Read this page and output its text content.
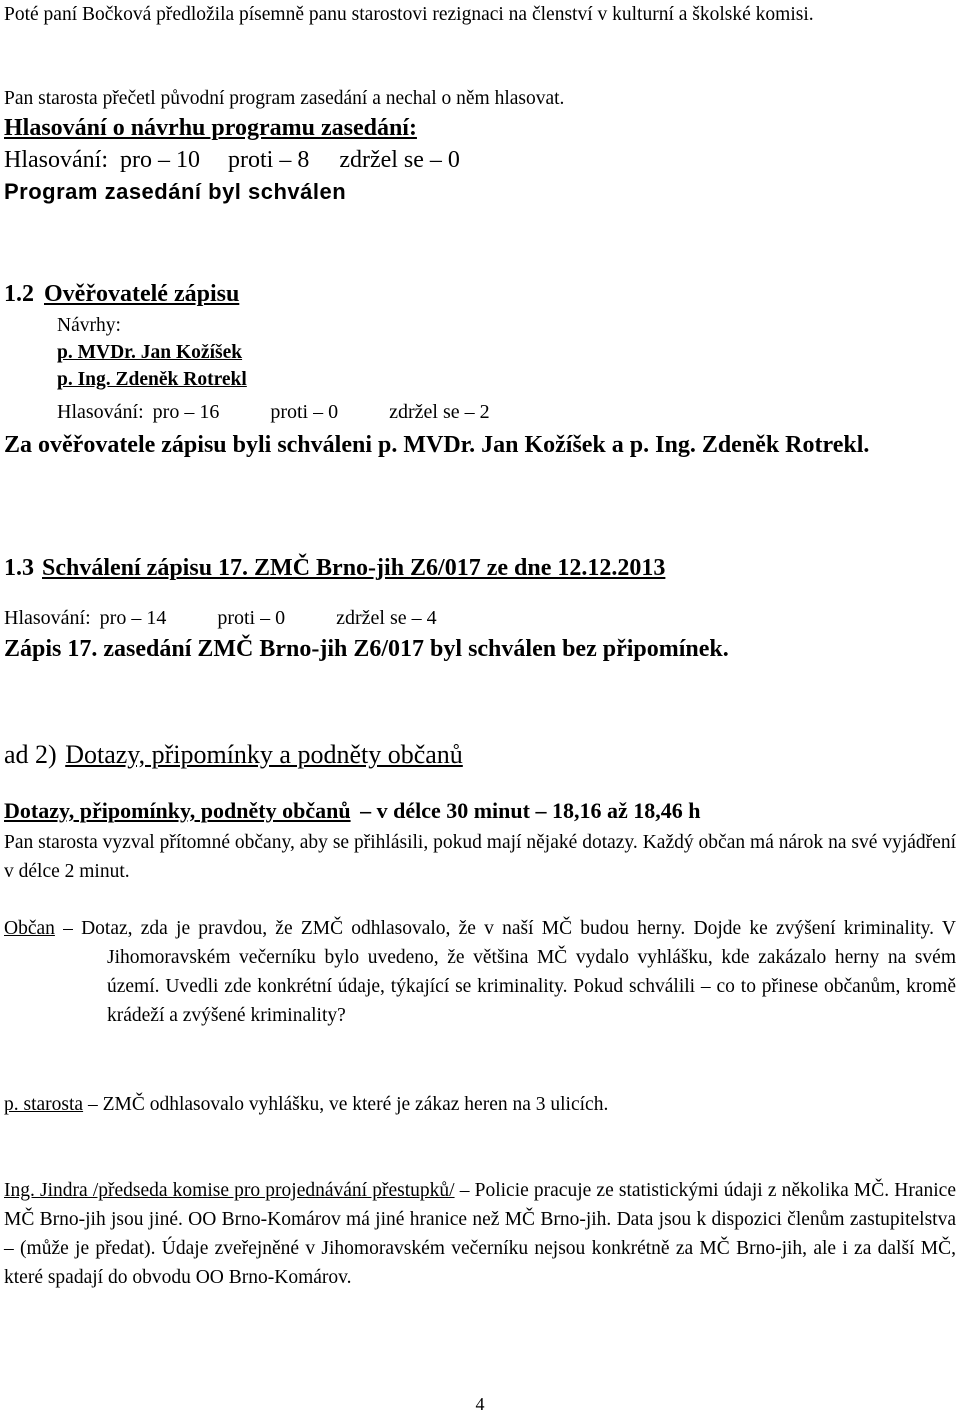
Poté paní Bočková předložila písemně panu starostovi rezignaci na členství v kulturní a školské komisi.

Pan starosta přečetl původní program zasedání a nechal o něm hlasovat.

Hlasování o návrhu programu zasedání:

Hlasování: pro – 10 proti – 8 zdržel se – 0

Program zasedání byl schválen

1.2 Ověřovatelé zápisu

Návrhy:

p. MVDr. Jan Kožíšek

p. Ing. Zdeněk Rotrekl

Hlasování: pro – 16	proti – 0	zdržel se – 2

Za ověřovatele zápisu byli schváleni p. MVDr. Jan Kožíšek a p. Ing. Zdeněk Rotrekl.

1.3 Schválení zápisu 17. ZMČ Brno-jih Z6/017 ze dne 12.12.2013
Hlasování: pro – 14	proti – 0	zdržel se – 4

Zápis 17. zasedání ZMČ Brno-jih Z6/017 byl schválen bez připomínek.

ad 2) Dotazy, připomínky a podněty občanů
Dotazy, připomínky, podněty občanů – v délce 30 minut – 18,16 až 18,46 h

Pan starosta vyzval přítomné občany, aby se přihlásili, pokud mají nějaké dotazy. Každý občan má nárok na své vyjádření v délce 2 minut.

Občan – Dotaz, zda je pravdou, že ZMČ odhlasovalo, že v naší MČ budou herny. Dojde ke zvýšení kriminality. V Jihomoravském večerníku bylo uvedeno, že většina MČ vydalo vyhlášku, kde zakázalo herny na svém území. Uvedli zde konkrétní údaje, týkající se kriminality. Pokud schválili – co to přinese občanům, kromě krádeží a zvýšené kriminality?

p. starosta – ZMČ odhlasovalo vyhlášku, ve které je zákaz heren na 3 ulicích.

Ing. Jindra /předseda komise pro projednávání přestupků/ – Policie pracuje ze statistickými údaji z několika MČ. Hranice MČ Brno-jih jsou jiné. OO Brno-Komárov má jiné hranice než MČ Brno-jih. Data jsou k dispozici členům zastupitelstva – (může je předat). Údaje zveřejněné v Jihomoravském večerníku nejsou konkrétně za MČ Brno-jih, ale i za další MČ, které spadají do obvodu OO Brno-Komárov.

4
